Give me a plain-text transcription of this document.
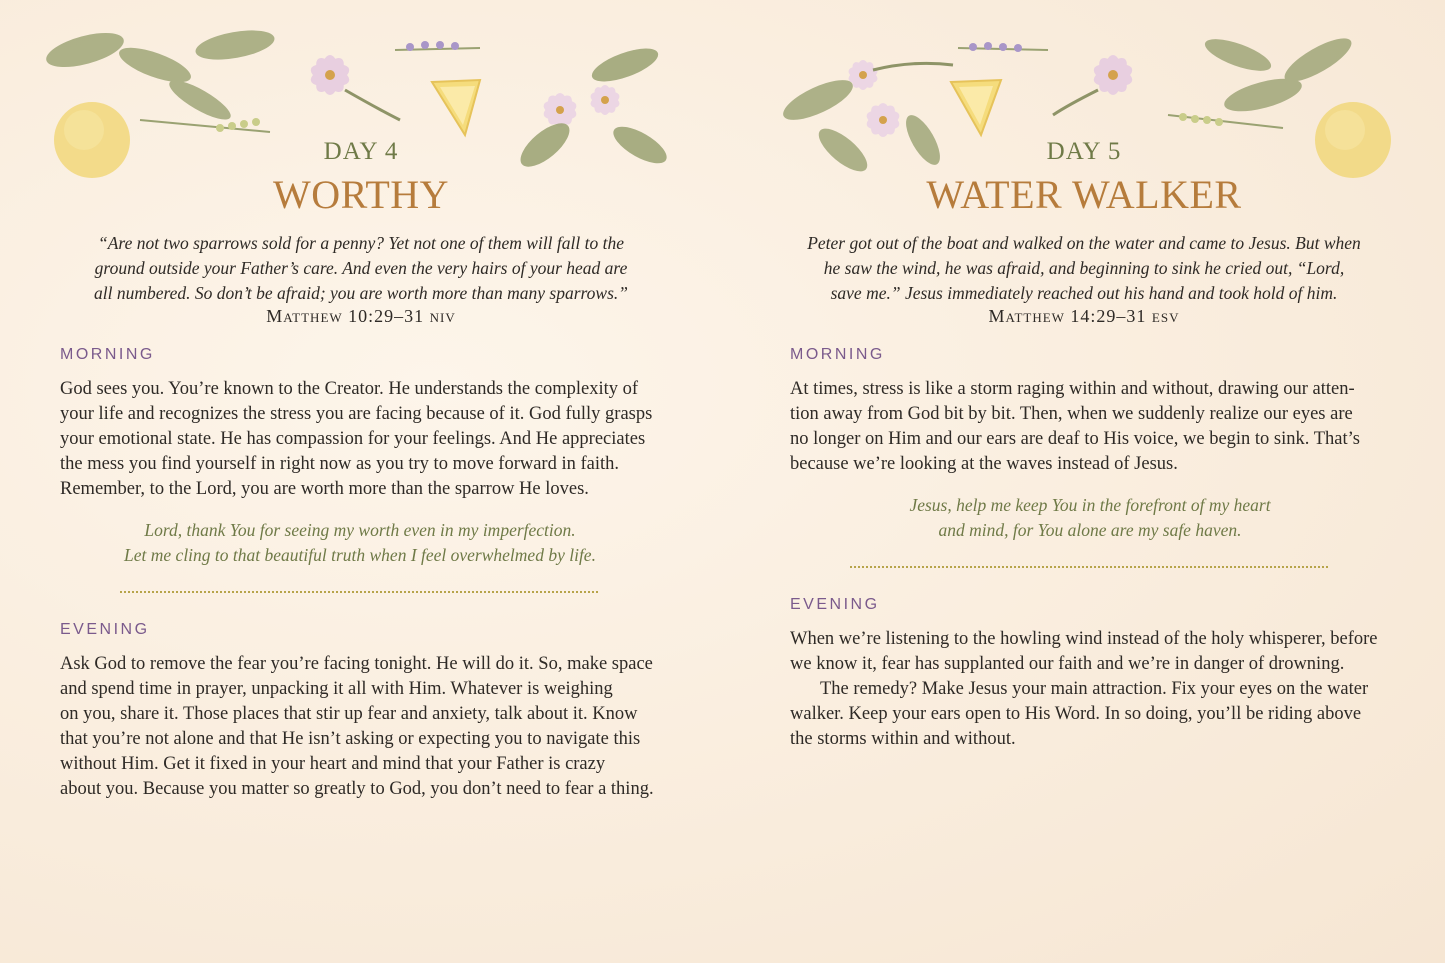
DAY 4
WORTHY
“Are not two sparrows sold for a penny? Yet not one of them will fall to the
ground outside your Father’s care. And even the very hairs of your head are
all numbered. So don’t be afraid; you are worth more than many sparrows.”
Matthew 10:29–31 niv
MORNING
God sees you. You’re known to the Creator. He understands the complexity of
your life and recognizes the stress you are facing because of it. God fully grasps
your emotional state. He has compassion for your feelings. And He appreciates
the mess you find yourself in right now as you try to move forward in faith.
Remember, to the Lord, you are worth more than the sparrow He loves.
Lord, thank You for seeing my worth even in my imperfection.
Let me cling to that beautiful truth when I feel overwhelmed by life.
EVENING
Ask God to remove the fear you’re facing tonight. He will do it. So, make space
and spend time in prayer, unpacking it all with Him. Whatever is weighing
on you, share it. Those places that stir up fear and anxiety, talk about it. Know
that you’re not alone and that He isn’t asking or expecting you to navigate this
without Him. Get it fixed in your heart and mind that your Father is crazy
about you. Because you matter so greatly to God, you don’t need to fear a thing.
DAY 5
WATER WALKER
Peter got out of the boat and walked on the water and came to Jesus. But when
he saw the wind, he was afraid, and beginning to sink he cried out, “Lord,
save me.” Jesus immediately reached out his hand and took hold of him.
Matthew 14:29–31 esv
MORNING
At times, stress is like a storm raging within and without, drawing our atten-
tion away from God bit by bit. Then, when we suddenly realize our eyes are
no longer on Him and our ears are deaf to His voice, we begin to sink. That’s
because we’re looking at the waves instead of Jesus.
Jesus, help me keep You in the forefront of my heart
and mind, for You alone are my safe haven.
EVENING
When we’re listening to the howling wind instead of the holy whisperer, before
we know it, fear has supplanted our faith and we’re in danger of drowning.
The remedy? Make Jesus your main attraction. Fix your eyes on the water
walker. Keep your ears open to His Word. In so doing, you’ll be riding above
the storms within and without.
